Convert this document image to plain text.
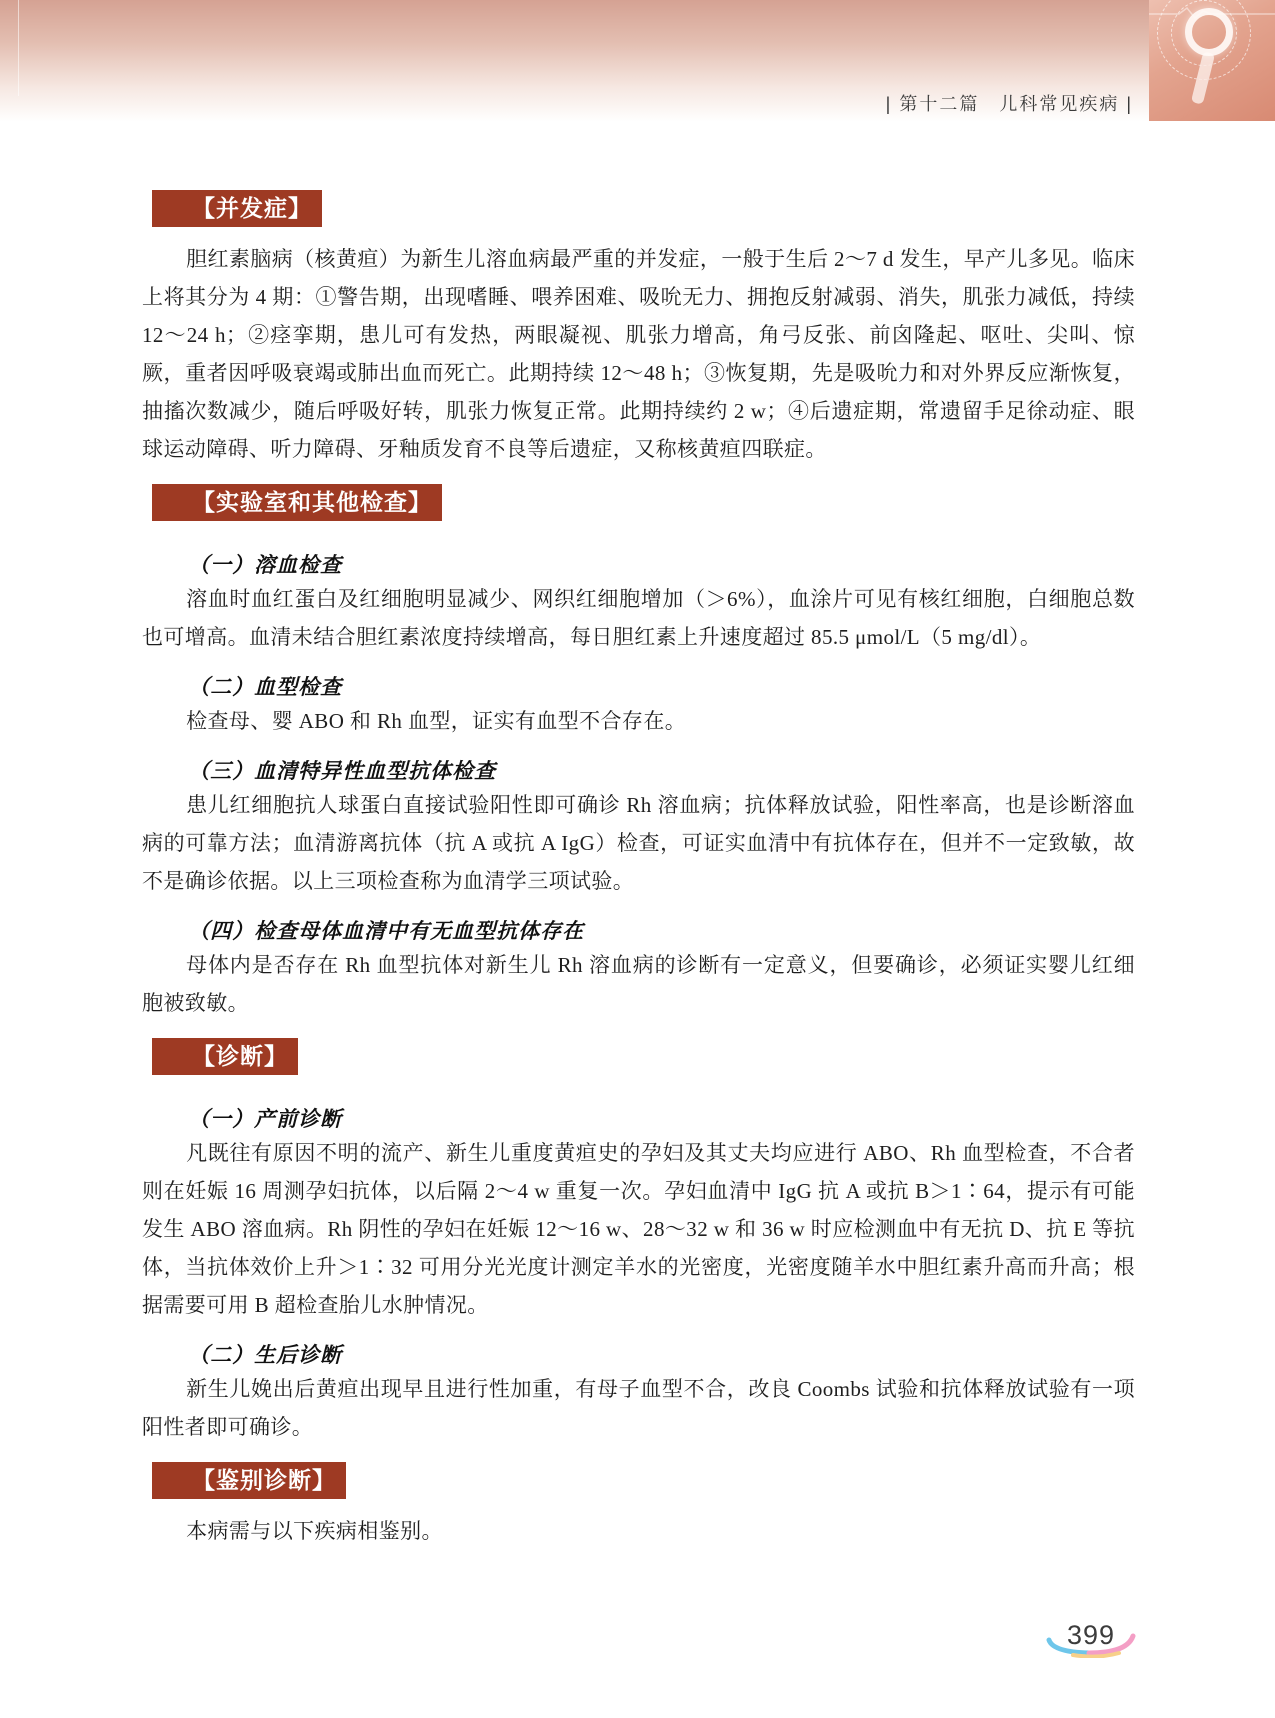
| 第十二篇　儿科常见疾病 |
【并发症】

胆红素脑病（核黄疸）为新生儿溶血病最严重的并发症，一般于生后 2～7 d 发生，早产儿多见。临床上将其分为 4 期：①警告期，出现嗜睡、喂养困难、吸吮无力、拥抱反射减弱、消失，肌张力减低，持续 12～24 h；②痉挛期，患儿可有发热，两眼凝视、肌张力增高，角弓反张、前囟隆起、呕吐、尖叫、惊厥，重者因呼吸衰竭或肺出血而死亡。此期持续 12～48 h；③恢复期，先是吸吮力和对外界反应渐恢复，抽搐次数减少，随后呼吸好转，肌张力恢复正常。此期持续约 2 w；④后遗症期，常遗留手足徐动症、眼球运动障碍、听力障碍、牙釉质发育不良等后遗症，又称核黄疸四联症。

【实验室和其他检查】
（一）溶血检查

溶血时血红蛋白及红细胞明显减少、网织红细胞增加（＞6%），血涂片可见有核红细胞，白细胞总数也可增高。血清未结合胆红素浓度持续增高，每日胆红素上升速度超过 85.5 μmol/L（5 mg/dl）。

（二）血型检查

检查母、婴 ABO 和 Rh 血型，证实有血型不合存在。

（三）血清特异性血型抗体检查

患儿红细胞抗人球蛋白直接试验阳性即可确诊 Rh 溶血病；抗体释放试验，阳性率高，也是诊断溶血病的可靠方法；血清游离抗体（抗 A 或抗 A IgG）检查，可证实血清中有抗体存在，但并不一定致敏，故不是确诊依据。以上三项检查称为血清学三项试验。

（四）检查母体血清中有无血型抗体存在

母体内是否存在 Rh 血型抗体对新生儿 Rh 溶血病的诊断有一定意义，但要确诊，必须证实婴儿红细胞被致敏。

【诊断】
（一）产前诊断

凡既往有原因不明的流产、新生儿重度黄疸史的孕妇及其丈夫均应进行 ABO、Rh 血型检查，不合者则在妊娠 16 周测孕妇抗体，以后隔 2～4 w 重复一次。孕妇血清中 IgG 抗 A 或抗 B＞1∶64，提示有可能发生 ABO 溶血病。Rh 阴性的孕妇在妊娠 12～16 w、28～32 w 和 36 w 时应检测血中有无抗 D、抗 E 等抗体，当抗体效价上升＞1∶32 可用分光光度计测定羊水的光密度，光密度随羊水中胆红素升高而升高；根据需要可用 B 超检查胎儿水肿情况。

（二）生后诊断

新生儿娩出后黄疸出现早且进行性加重，有母子血型不合，改良 Coombs 试验和抗体释放试验有一项阳性者即可确诊。

【鉴别诊断】

本病需与以下疾病相鉴别。

399
